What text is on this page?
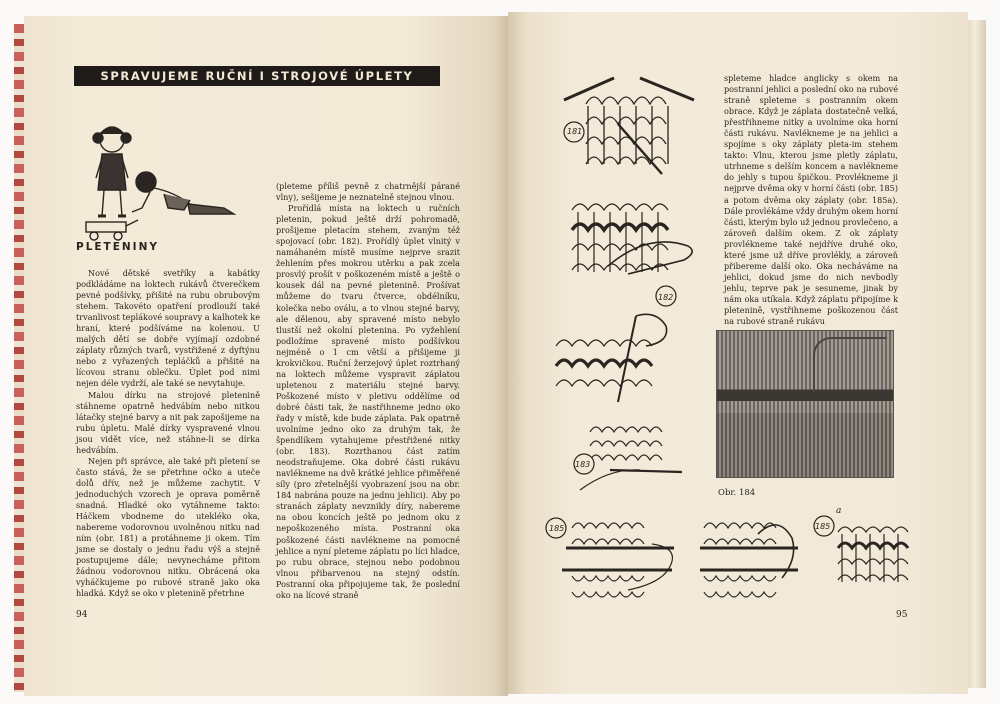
SPRAVUJEME RUČNÍ I STROJOVÉ ÚPLETY
PLETENINY

Nové dětské svetříky a kabátky podkládáme na loktech rukávů čtverečkem pevné podšívky, přišité na rubu obrubovým stehem. Takovéto opatření prodlouží také trvanlivost teplákové soupravy a kalhotek ke hraní, které podšíváme na kolenou. U malých dětí se dobře vyjímají ozdobné záplaty různých tvarů, vystřižené z dyftýnu nebo z vyřazených tepláčků a přišité na lícovou stranu oblečku. Úplet pod nimi nejen déle vydrží, ale také se nevytahuje.

Malou dírku na strojové pletenině stáhneme opatrně hedvábím nebo nitkou látačky stejné barvy a nit pak zapošijeme na rubu úpletu. Malé dírky vyspravené vlnou jsou vidět více, než stáhne-li se dírka hedvábím.

Nejen při správce, ale také při pletení se často stává, že se přetrhne očko a uteče dolů dřív, než je můžeme zachytit. V jednoduchých vzorech je oprava poměrně snadná. Hladké oko vytáhneme takto: Háčkem vbodneme do utekléko oka, nabereme vodorovnou uvolněnou nitku nad ním (obr. 181) a protáhneme ji okem. Tím jsme se dostaly o jednu řadu výš a stejně postupujeme dále; nevynecháme přitom žádnou vodorovnou nitku. Obrácená oka vyháčkujeme po rubové straně jako oka hladká. Když se oko v pletenině přetrhne

(pleteme příliš pevně z chatrnější párané vlny), sešijeme je neznatelně stejnou vlnou.

Prořídlá místa na loktech u ručních pletenin, pokud ještě drží pohromadě, prošijeme pletacím stehem, zvaným též spojovací (obr. 182). Prořídlý úplet vlnitý v namáhaném místě musíme nejprve srazit žehlením přes mokrou utěrku a pak zcela prosvlý prošít v poškozeném místě a ještě o kousek dál na pevné pletenině. Prošívat můžeme do tvaru čtverce, obdélníku, kolečka nebo oválu, a to vlnou stejné barvy, ale dělenou, aby spravené místo nebylo tlustší než okolní pletenina. Po vyžehlení podložíme spravené místo podšívkou nejméně o 1 cm větší a přišijeme ji krokvičkou. Ruční žerzejový úplet roztrhaný na loktech můžeme vyspravit záplatou upletenou z materiálu stejné barvy. Poškozené místo v pletivu oddělíme od dobré části tak, že nastřihneme jedno oko řady v místě, kde bude záplata. Pak opatrně uvolníme jedno oko za druhým tak, že špendlíkem vytahujeme přestřižené nitky (obr. 183). Rozrthanou část zatím neodstraňujeme. Oka dobré části rukávu navlékneme na dvě krátké jehlice přiměřené síly (pro zřetelnější vyobrazení jsou na obr. 184 nabrána pouze na jednu jehlici). Aby po stranách záplaty nevznikly díry, nabereme na obou koncích ještě po jednom oku z nepoškozeného místa. Postranní oka poškozené části navlékneme na pomocné jehlice a nyní pleteme záplatu po líci hladce, po rubu obrace, stejnou nebo podobnou vlnou přibarvenou na stejný odstín. Postranní oka připojujeme tak, že poslední oko na lícové straně

94
181
182
183
185	185
a

spleteme hladce anglicky s okem na postranní jehlici a poslední oko na rubové straně spleteme s postranním okem obrace. Když je záplata dostatečně velká, přestřihneme nitky a uvolníme oka horní části rukávu. Navlékneme je na jehlici a spojíme s oky záplaty pleta-im stehem takto: Vlnu, kterou jsme pletly záplatu, utrhneme s delším koncem a navlékneme do jehly s tupou špičkou. Provlékneme ji nejprve dvěma oky v horní části (obr. 185) a potom dvěma oky záplaty (obr. 185a). Dále provlékáme vždy druhým okem horní části, kterým bylo už jednou provlečeno, a zároveň dalším okem. Z ok záplaty provlékneme také nejdříve druhé oko, které jsme už dříve provlékly, a zároveň přibereme další oko. Oka necháváme na jehlici, dokud jsme do nich nevbodly jehlu, teprve pak je sesuneme, jinak by nám oka utíkala. Když záplatu připojíme k pletenině, vystřihneme poškozenou část na rubové straně rukávu

Obr. 184
95
